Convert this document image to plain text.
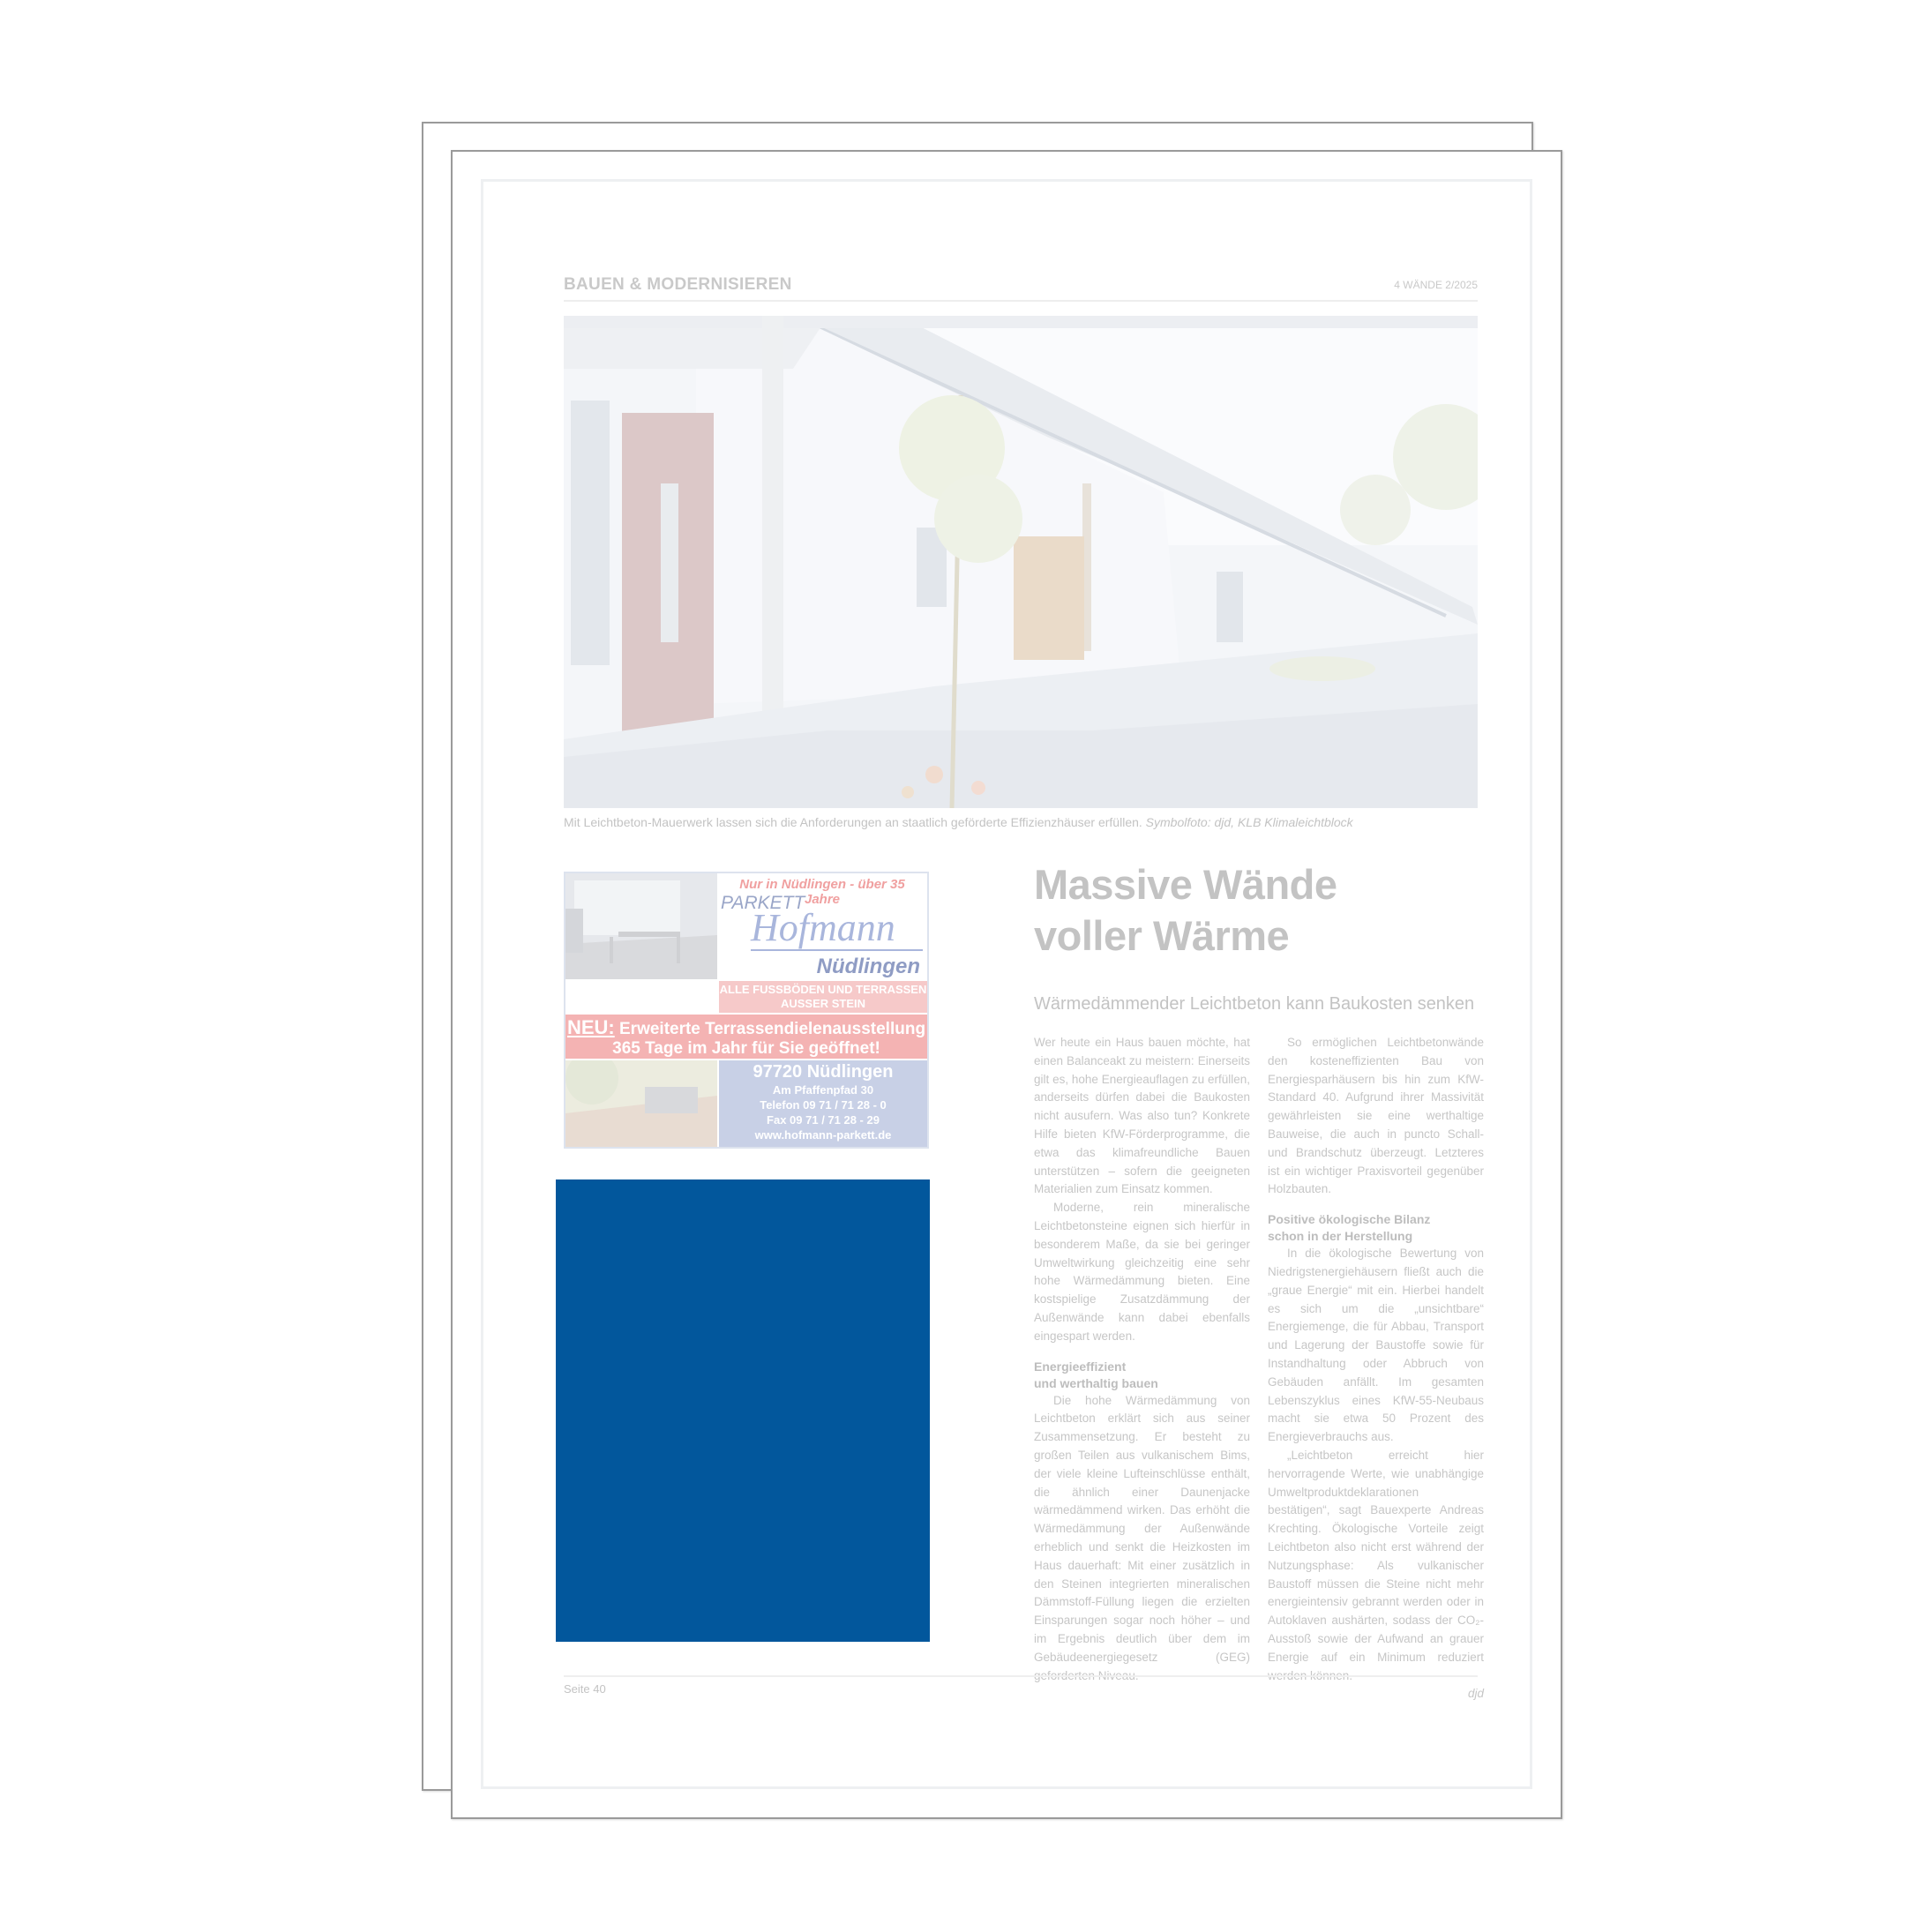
BAUEN & MODERNISIEREN	4 WÄNDE 2/2025
Mit Leichtbeton-Mauerwerk lassen sich die Anforderungen an staatlich geförderte Effizienzhäuser erfüllen. Symbolfoto: djd, KLB Klimaleichtblock
Nur in Nüdlingen - über 35 Jahre
PARKETT
Hofmann
Nüdlingen
ALLE FUSSBÖDEN UND TERRASSEN AUSSER STEIN
NEU: Erweiterte Terrassendielenausstellung
365 Tage im Jahr für Sie geöffnet!
97720 Nüdlingen
Am Pfaffenpfad 30
Telefon 09 71 / 71 28 - 0
Fax 09 71 / 71 28 - 29
www.hofmann-parkett.de
Massive Wände
voller Wärme
Wärmedämmender Leichtbeton kann Baukosten senken

Wer heute ein Haus bauen möchte, hat einen Balanceakt zu meistern: Einerseits gilt es, hohe Energieauflagen zu erfüllen, anderseits dürfen dabei die Baukosten nicht ausufern. Was also tun? Konkrete Hilfe bieten KfW-Förderprogramme, die etwa das klimafreundliche Bauen unterstützen – sofern die geeigneten Materialien zum Einsatz kommen.

Moderne, rein mineralische Leichtbetonsteine eignen sich hierfür in besonderem Maße, da sie bei geringer Umweltwirkung gleichzeitig eine sehr hohe Wärmedämmung bieten. Eine kostspielige Zusatzdämmung der Außenwände kann dabei ebenfalls eingespart werden.

Energieeffizient
und werthaltig bauen

Die hohe Wärmedämmung von Leichtbeton erklärt sich aus seiner Zusammensetzung. Er besteht zu großen Teilen aus vulkanischem Bims, der viele kleine Lufteinschlüsse enthält, die ähnlich einer Daunenjacke wärmedämmend wirken. Das erhöht die Wärmedämmung der Außenwände erheblich und senkt die Heizkosten im Haus dauerhaft: Mit einer zusätzlich in den Steinen integrierten mineralischen Dämmstoff-Füllung liegen die erzielten Einsparungen sogar noch höher – und im Ergebnis deutlich über dem im Gebäudeenergiegesetz (GEG)

So ermöglichen Leichtbetonwände den kosteneffizienten Bau von Energiesparhäusern bis hin zum KfW-Standard 40. Aufgrund ihrer Massivität gewährleisten sie eine werthaltige Bauweise, die auch in puncto Schall- und Brandschutz überzeugt. Letzteres ist ein wichtiger Praxisvorteil gegenüber Holzbauten.

Positive ökologische Bilanz
schon in der Herstellung

In die ökologische Bewertung von Niedrigstenergiehäusern fließt auch die „graue Energie“ mit ein. Hierbei handelt es sich um die „unsichtbare“ Energiemenge, die für Abbau, Transport und Lagerung der Baustoffe sowie für Instandhaltung oder Abbruch von Gebäuden anfällt. Im gesamten Lebenszyklus eines KfW-55-Neubaus macht sie etwa 50 Prozent des Energieverbrauchs aus.

„Leichtbeton erreicht hier hervorragende Werte, wie unabhängige Umweltproduktdeklarationen bestätigen“, sagt Bauexperte Andreas Krechting. Ökologische Vorteile zeigt Leichtbeton also nicht erst während der Nutzungsphase: Als vulkanischer Baustoff müssen die Steine nicht mehr energieintensiv gebrannt werden oder in Autoklaven aushärten, sodass der CO₂-Ausstoß sowie der Aufwand an grauer Energie auf ein Minimum reduziert

djd

Seite 40
